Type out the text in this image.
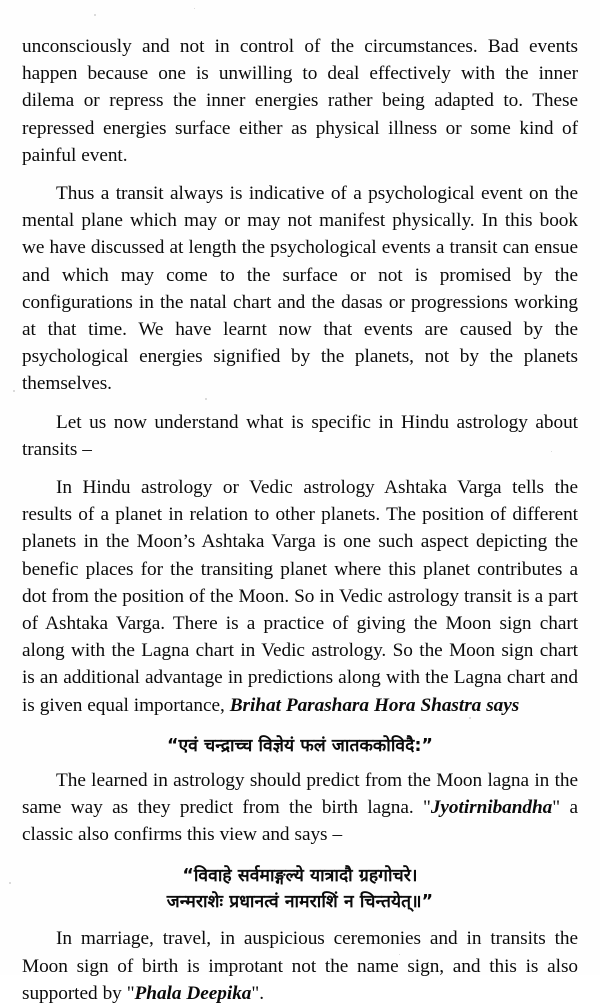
unconsciously and not in control of the circumstances. Bad events happen because one is unwilling to deal effectively with the inner dilema or repress the inner energies rather being adapted to. These repressed energies surface either as physical illness or some kind of painful event.

Thus a transit always is indicative of a psychological event on the mental plane which may or may not manifest physically. In this book we have discussed at length the psychological events a transit can ensue and which may come to the surface or not is promised by the configurations in the natal chart and the dasas or progressions working at that time. We have learnt now that events are caused by the psychological energies signified by the planets, not by the planets themselves.

Let us now understand what is specific in Hindu astrology about transits –

In Hindu astrology or Vedic astrology Ashtaka Varga tells the results of a planet in relation to other planets. The position of different planets in the Moon’s Ashtaka Varga is one such aspect depicting the benefic places for the transiting planet where this planet contributes a dot from the position of the Moon. So in Vedic astrology transit is a part of Ashtaka Varga. There is a practice of giving the Moon sign chart along with the Lagna chart in Vedic astrology. So the Moon sign chart is an additional advantage in predictions along with the Lagna chart and is given equal importance, Brihat Parashara Hora Shastra says

“एवं चन्द्राच्च विज्ञेयं फलं जातककोविदै:”

The learned in astrology should predict from the Moon lagna in the same way as they predict from the birth lagna. "Jyotirnibandha" a classic also confirms this view and says –

“विवाहे सर्वमाङ्गल्ये यात्रादौ ग्रहगोचरे।

जन्मराशेः प्रधानत्वं नामराशिं न चिन्तयेत्॥”

In marriage, travel, in auspicious ceremonies and in transits the Moon sign of birth is improtant not the name sign, and this is also supported by "Phala Deepika".
